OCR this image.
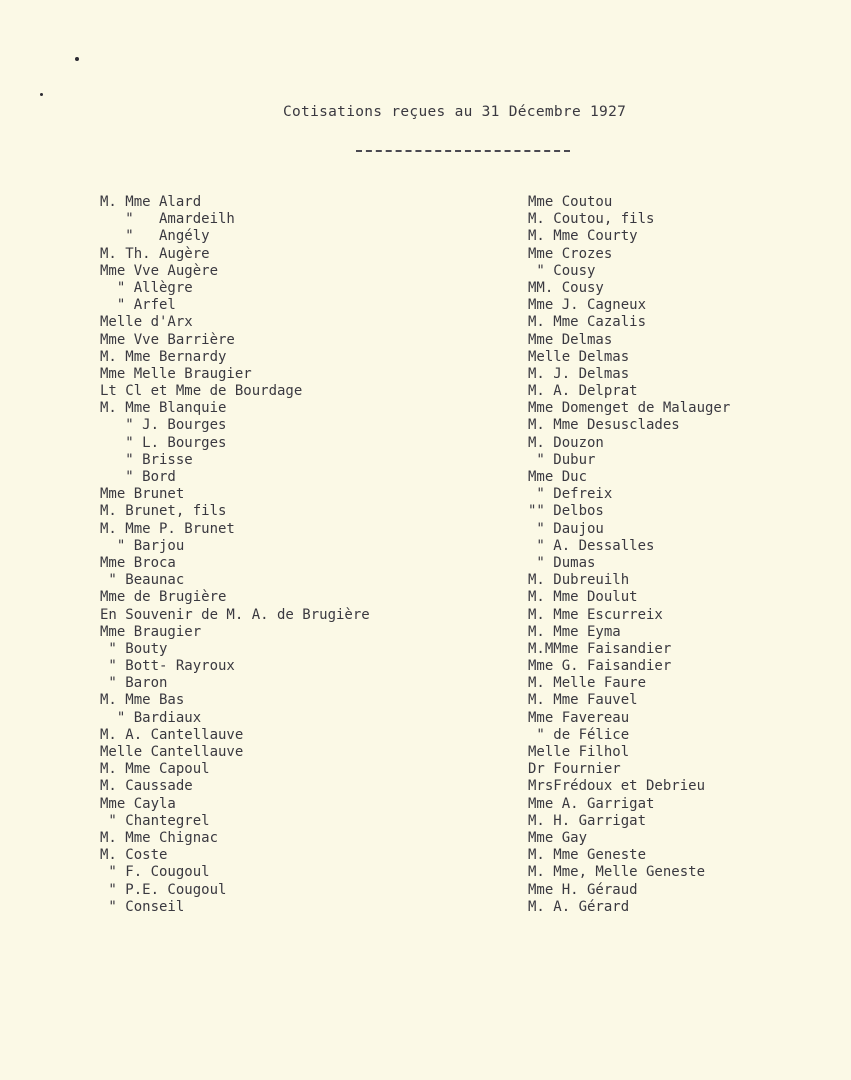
Cotisations reçues au 31 Décembre 1927
M. Mme Alard
"   Amardeilh
"   Angély
M. Th. Augère
Mme Vve Augère
" Allègre
" Arfel
Melle d'Arx
Mme Vve Barrière
M. Mme Bernardy
Mme Melle Braugier
Lt Cl et Mme de Bourdage
M. Mme Blanquie
" J. Bourges
" L. Bourges
" Brisse
" Bord
Mme Brunet
M. Brunet, fils
M. Mme P. Brunet
" Barjou
Mme Broca
" Beaunac
Mme de Brugière
En Souvenir de M. A. de Brugière
Mme Braugier
" Bouty
" Bott- Rayroux
" Baron
M. Mme Bas
" Bardiaux
M. A. Cantellauve
Melle Cantellauve
M. Mme Capoul
M. Caussade
Mme Cayla
" Chantegrel
M. Mme Chignac
M. Coste
" F. Cougoul
" P.E. Cougoul
" Conseil
Mme Coutou
M. Coutou, fils
M. Mme Courty
Mme Crozes
" Cousy
MM. Cousy
Mme J. Cagneux
M. Mme Cazalis
Mme Delmas
Melle Delmas
M. J. Delmas
M. A. Delprat
Mme Domenget de Malauger
M. Mme Desusclades
M. Douzon
" Dubur
Mme Duc
" Defreix
"" Delbos
" Daujou
" A. Dessalles
" Dumas
M. Dubreuilh
M. Mme Doulut
M. Mme Escurreix
M. Mme Eyma
M.MMme Faisandier
Mme G. Faisandier
M. Melle Faure
M. Mme Fauvel
Mme Favereau
" de Félice
Melle Filhol
Dr Fournier
MrsFrédoux et Debrieu
Mme A. Garrigat
M. H. Garrigat
Mme Gay
M. Mme Geneste
M. Mme, Melle Geneste
Mme H. Géraud
M. A. Gérard
